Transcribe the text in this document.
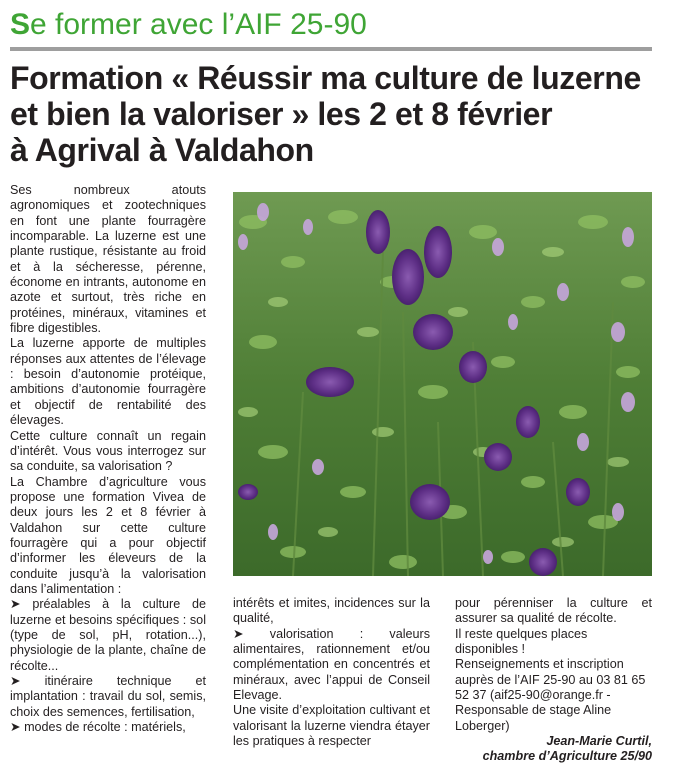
Se former avec l’AIF 25-90
Formation « Réussir ma culture de luzerne
et bien la valoriser » les 2 et 8 février
à Agrival à Valdahon

Ses nombreux atouts agronomiques et zootechniques en font une plante fourragère incomparable. La luzerne est une plante rustique, résistante au froid et à la sécheresse, pérenne, économe en intrants, autonome en azote et surtout, très riche en protéines, minéraux, vitamines et fibre digestibles.

La luzerne apporte de multiples réponses aux attentes de l’élevage : besoin d’autonomie protéique, ambitions d’autonomie fourragère et objectif de rentabilité des élevages.

Cette culture connaît un regain d’intérêt. Vous vous interrogez sur sa conduite, sa valorisation ?

La Chambre d’agriculture vous propose une formation Vivea de deux jours les 2 et 8 février à Valdahon sur cette culture fourragère qui a pour objectif d’informer les éleveurs de la conduite jusqu’à la valorisation dans l’alimentation :

➤ préalables à la culture de luzerne et besoins spécifiques : sol (type de sol, pH, rotation...), physiologie de la plante, chaîne de récolte...

➤ itinéraire technique et implantation : travail du sol, semis, choix des semences, fertilisation,

➤ modes de récolte : matériels,

intérêts et imites, incidences sur la qualité,

➤ valorisation : valeurs alimentaires, rationnement et/ou complémentation en concentrés et minéraux, avec l’appui de Conseil Elevage.

Une visite d’exploitation cultivant et valorisant la luzerne viendra étayer les pratiques à respecter

pour pérenniser la culture et assurer sa qualité de récolte.

Il reste quelques places disponibles !

Renseignements et inscription auprès de l’AIF 25-90 au 03 81 65 52 37 (aif25-90@orange.fr - Responsable de stage Aline Loberger)

Jean-Marie Curtil,

chambre d’Agriculture 25/90
